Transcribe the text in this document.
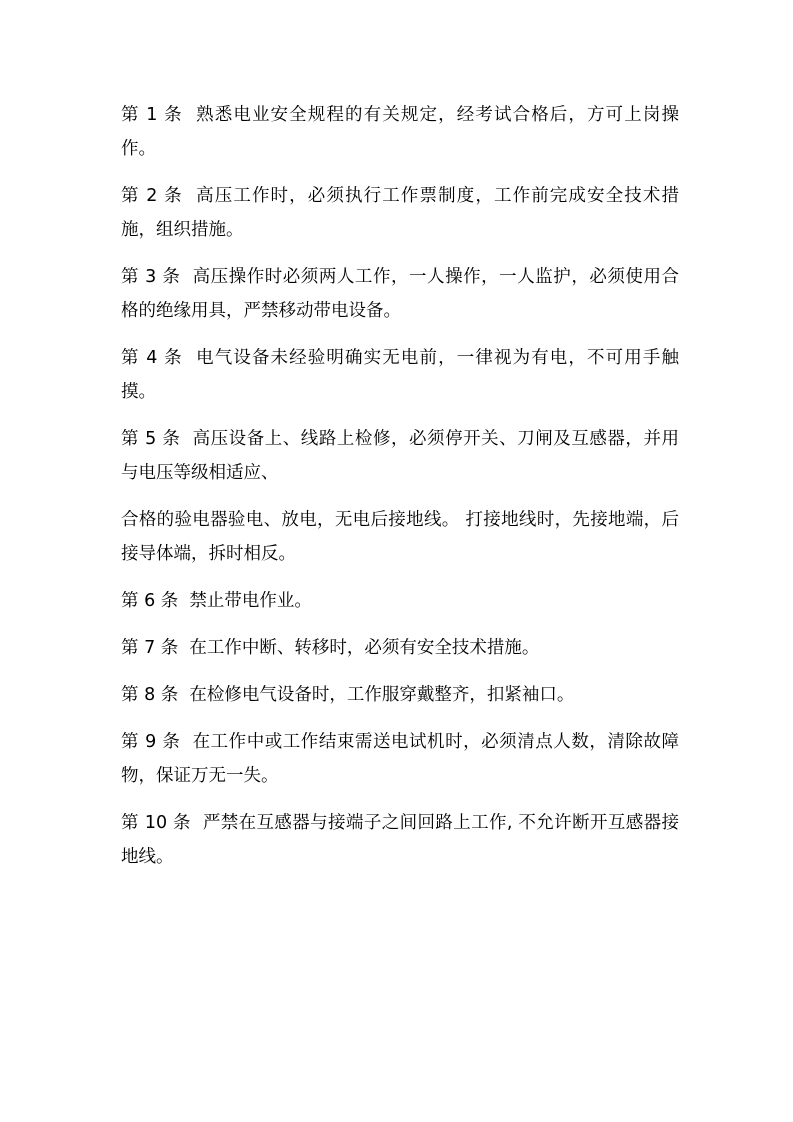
第 1 条  熟悉电业安全规程的有关规定，经考试合格后，方可上岗操作。

第 2 条  高压工作时，必须执行工作票制度，工作前完成安全技术措施，组织措施。

第 3 条  高压操作时必须两人工作，一人操作，一人监护，必须使用合格的绝缘用具，严禁移动带电设备。

第 4 条  电气设备未经验明确实无电前，一律视为有电，不可用手触摸。

第 5 条  高压设备上、线路上检修，必须停开关、刀闸及互感器，并用与电压等级相适应、

合格的验电器验电、放电，无电后接地线。 打接地线时，先接地端，后接导体端，拆时相反。

第 6 条  禁止带电作业。

第 7 条  在工作中断、转移时，必须有安全技术措施。

第 8 条  在检修电气设备时，工作服穿戴整齐，扣紧袖口。

第 9 条  在工作中或工作结束需送电试机时，必须清点人数，清除故障物，保证万无一失。

第 10 条  严禁在互感器与接端子之间回路上工作, 不允许断开互感器接地线。
